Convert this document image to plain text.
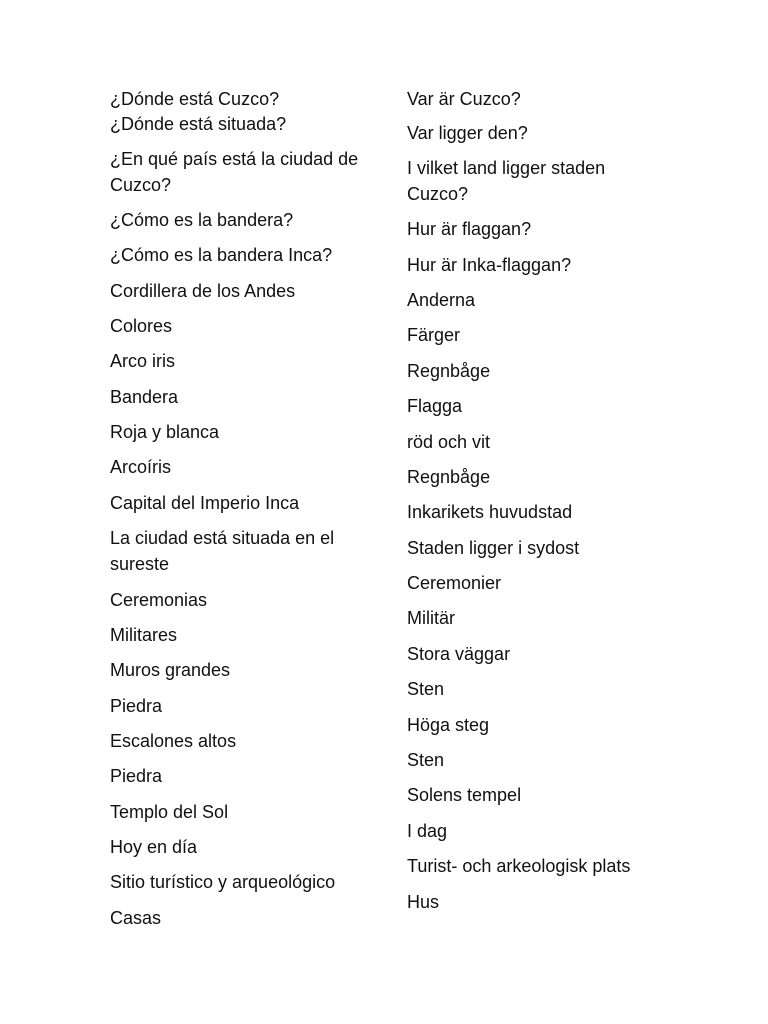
¿Dónde está Cuzco?
¿Dónde está situada?
¿En qué país está la ciudad de
Cuzco?
¿Cómo es la bandera?
¿Cómo es la bandera Inca?
Cordillera de los Andes
Colores
Arco iris
Bandera
Roja y blanca
Arcoíris
Capital del Imperio Inca
La ciudad está situada en el
sureste
Ceremonias
Militares
Muros grandes
Piedra
Escalones altos
Piedra
Templo del Sol
Hoy en día
Sitio turístico y arqueológico
Casas
Var är Cuzco?
Var ligger den?
I vilket land ligger staden
Cuzco?
Hur är flaggan?
Hur är Inka-flaggan?
Anderna
Färger
Regnbåge
Flagga
röd och vit
Regnbåge
Inkarikets huvudstad
Staden ligger i sydost
Ceremonier
Militär
Stora väggar
Sten
Höga steg
Sten
Solens tempel
I dag
Turist- och arkeologisk plats
Hus
